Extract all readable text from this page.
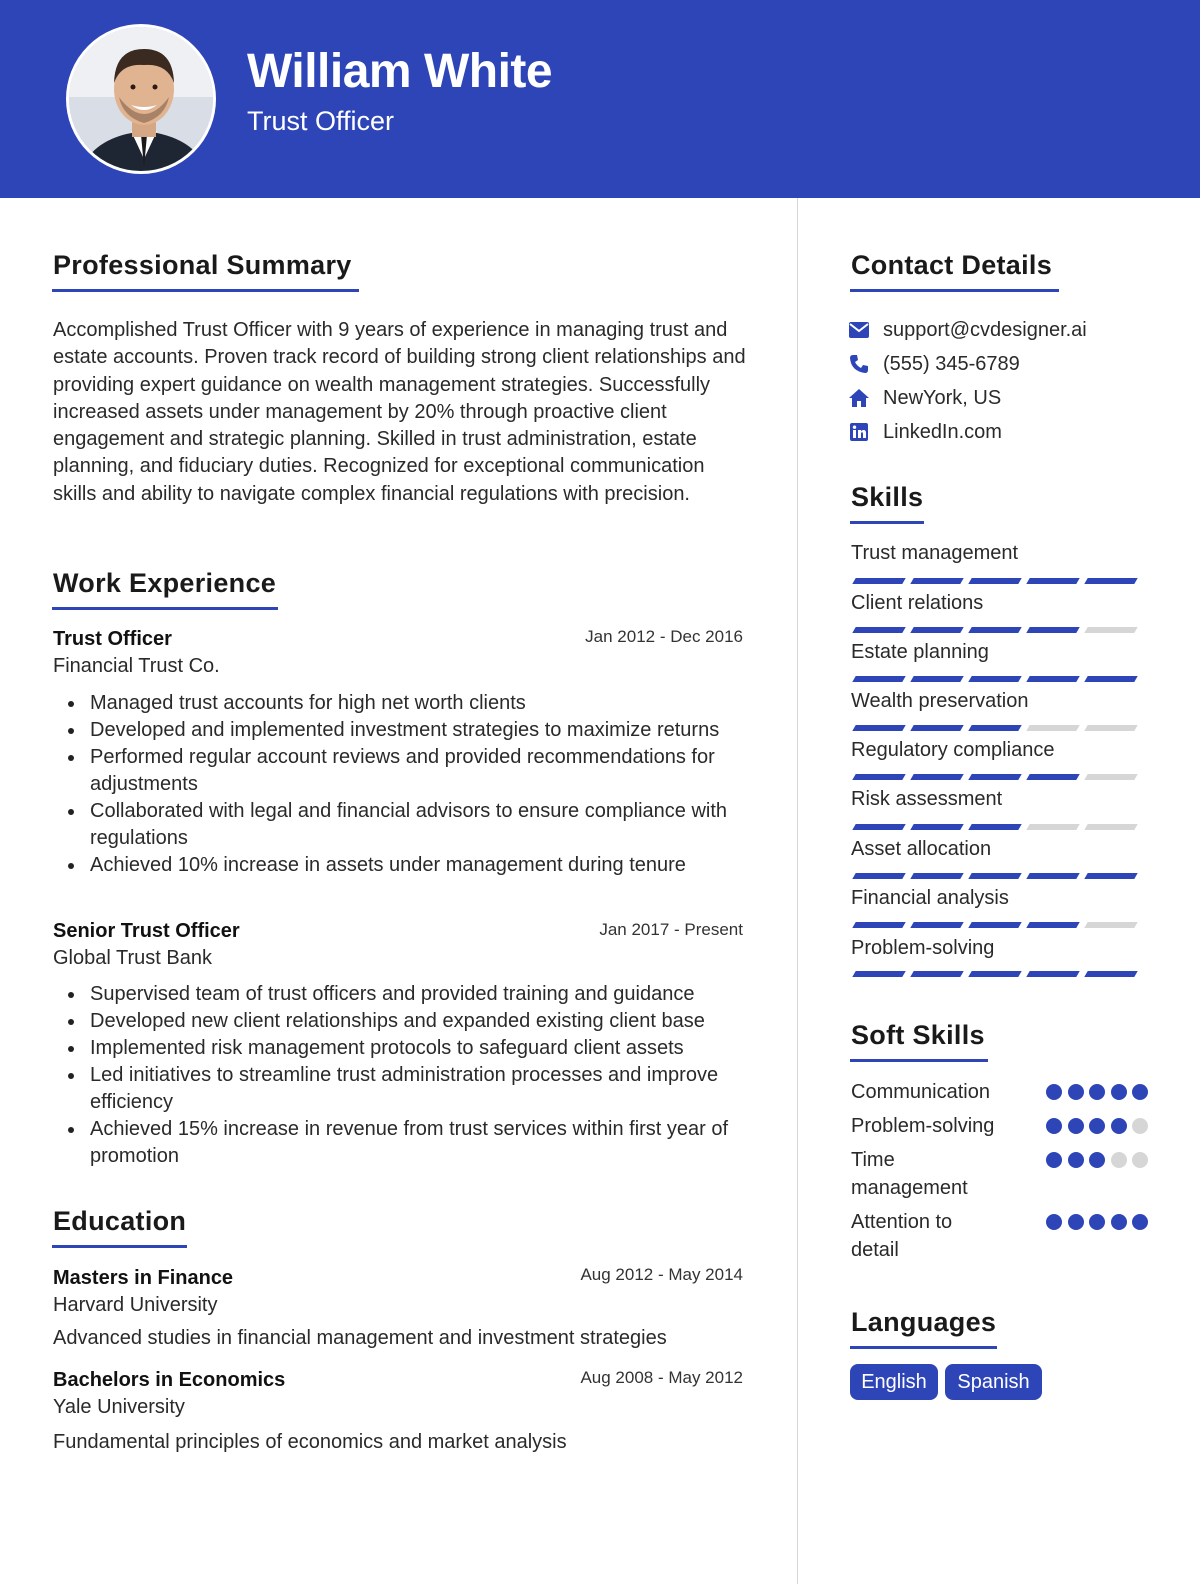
William White
Trust Officer
Professional Summary
Accomplished Trust Officer with 9 years of experience in managing trust and estate accounts. Proven track record of building strong client relationships and providing expert guidance on wealth management strategies. Successfully increased assets under management by 20% through proactive client engagement and strategic planning. Skilled in trust administration, estate planning, and fiduciary duties. Recognized for exceptional communication skills and ability to navigate complex financial regulations with precision.
Work Experience
Trust Officer	Jan 2012 - Dec 2016
Financial Trust Co.
Managed trust accounts for high net worth clients
Developed and implemented investment strategies to maximize returns
Performed regular account reviews and provided recommendations for adjustments
Collaborated with legal and financial advisors to ensure compliance with regulations
Achieved 10% increase in assets under management during tenure
Senior Trust Officer	Jan 2017 - Present
Global Trust Bank
Supervised team of trust officers and provided training and guidance
Developed new client relationships and expanded existing client base
Implemented risk management protocols to safeguard client assets
Led initiatives to streamline trust administration processes and improve efficiency
Achieved 15% increase in revenue from trust services within first year of promotion
Education
Masters in Finance	Aug 2012 - May 2014
Harvard University
Advanced studies in financial management and investment strategies
Bachelors in Economics	Aug 2008 - May 2012
Yale University
Fundamental principles of economics and market analysis
Contact Details
support@cvdesigner.ai
(555) 345-6789
NewYork, US
LinkedIn.com
Skills
Trust management
Client relations
Estate planning
Wealth preservation
Regulatory compliance
Risk assessment
Asset allocation
Financial analysis
Problem-solving
Soft Skills
Communication
Problem-solving
Time management
Attention to detail
Languages
English	Spanish
